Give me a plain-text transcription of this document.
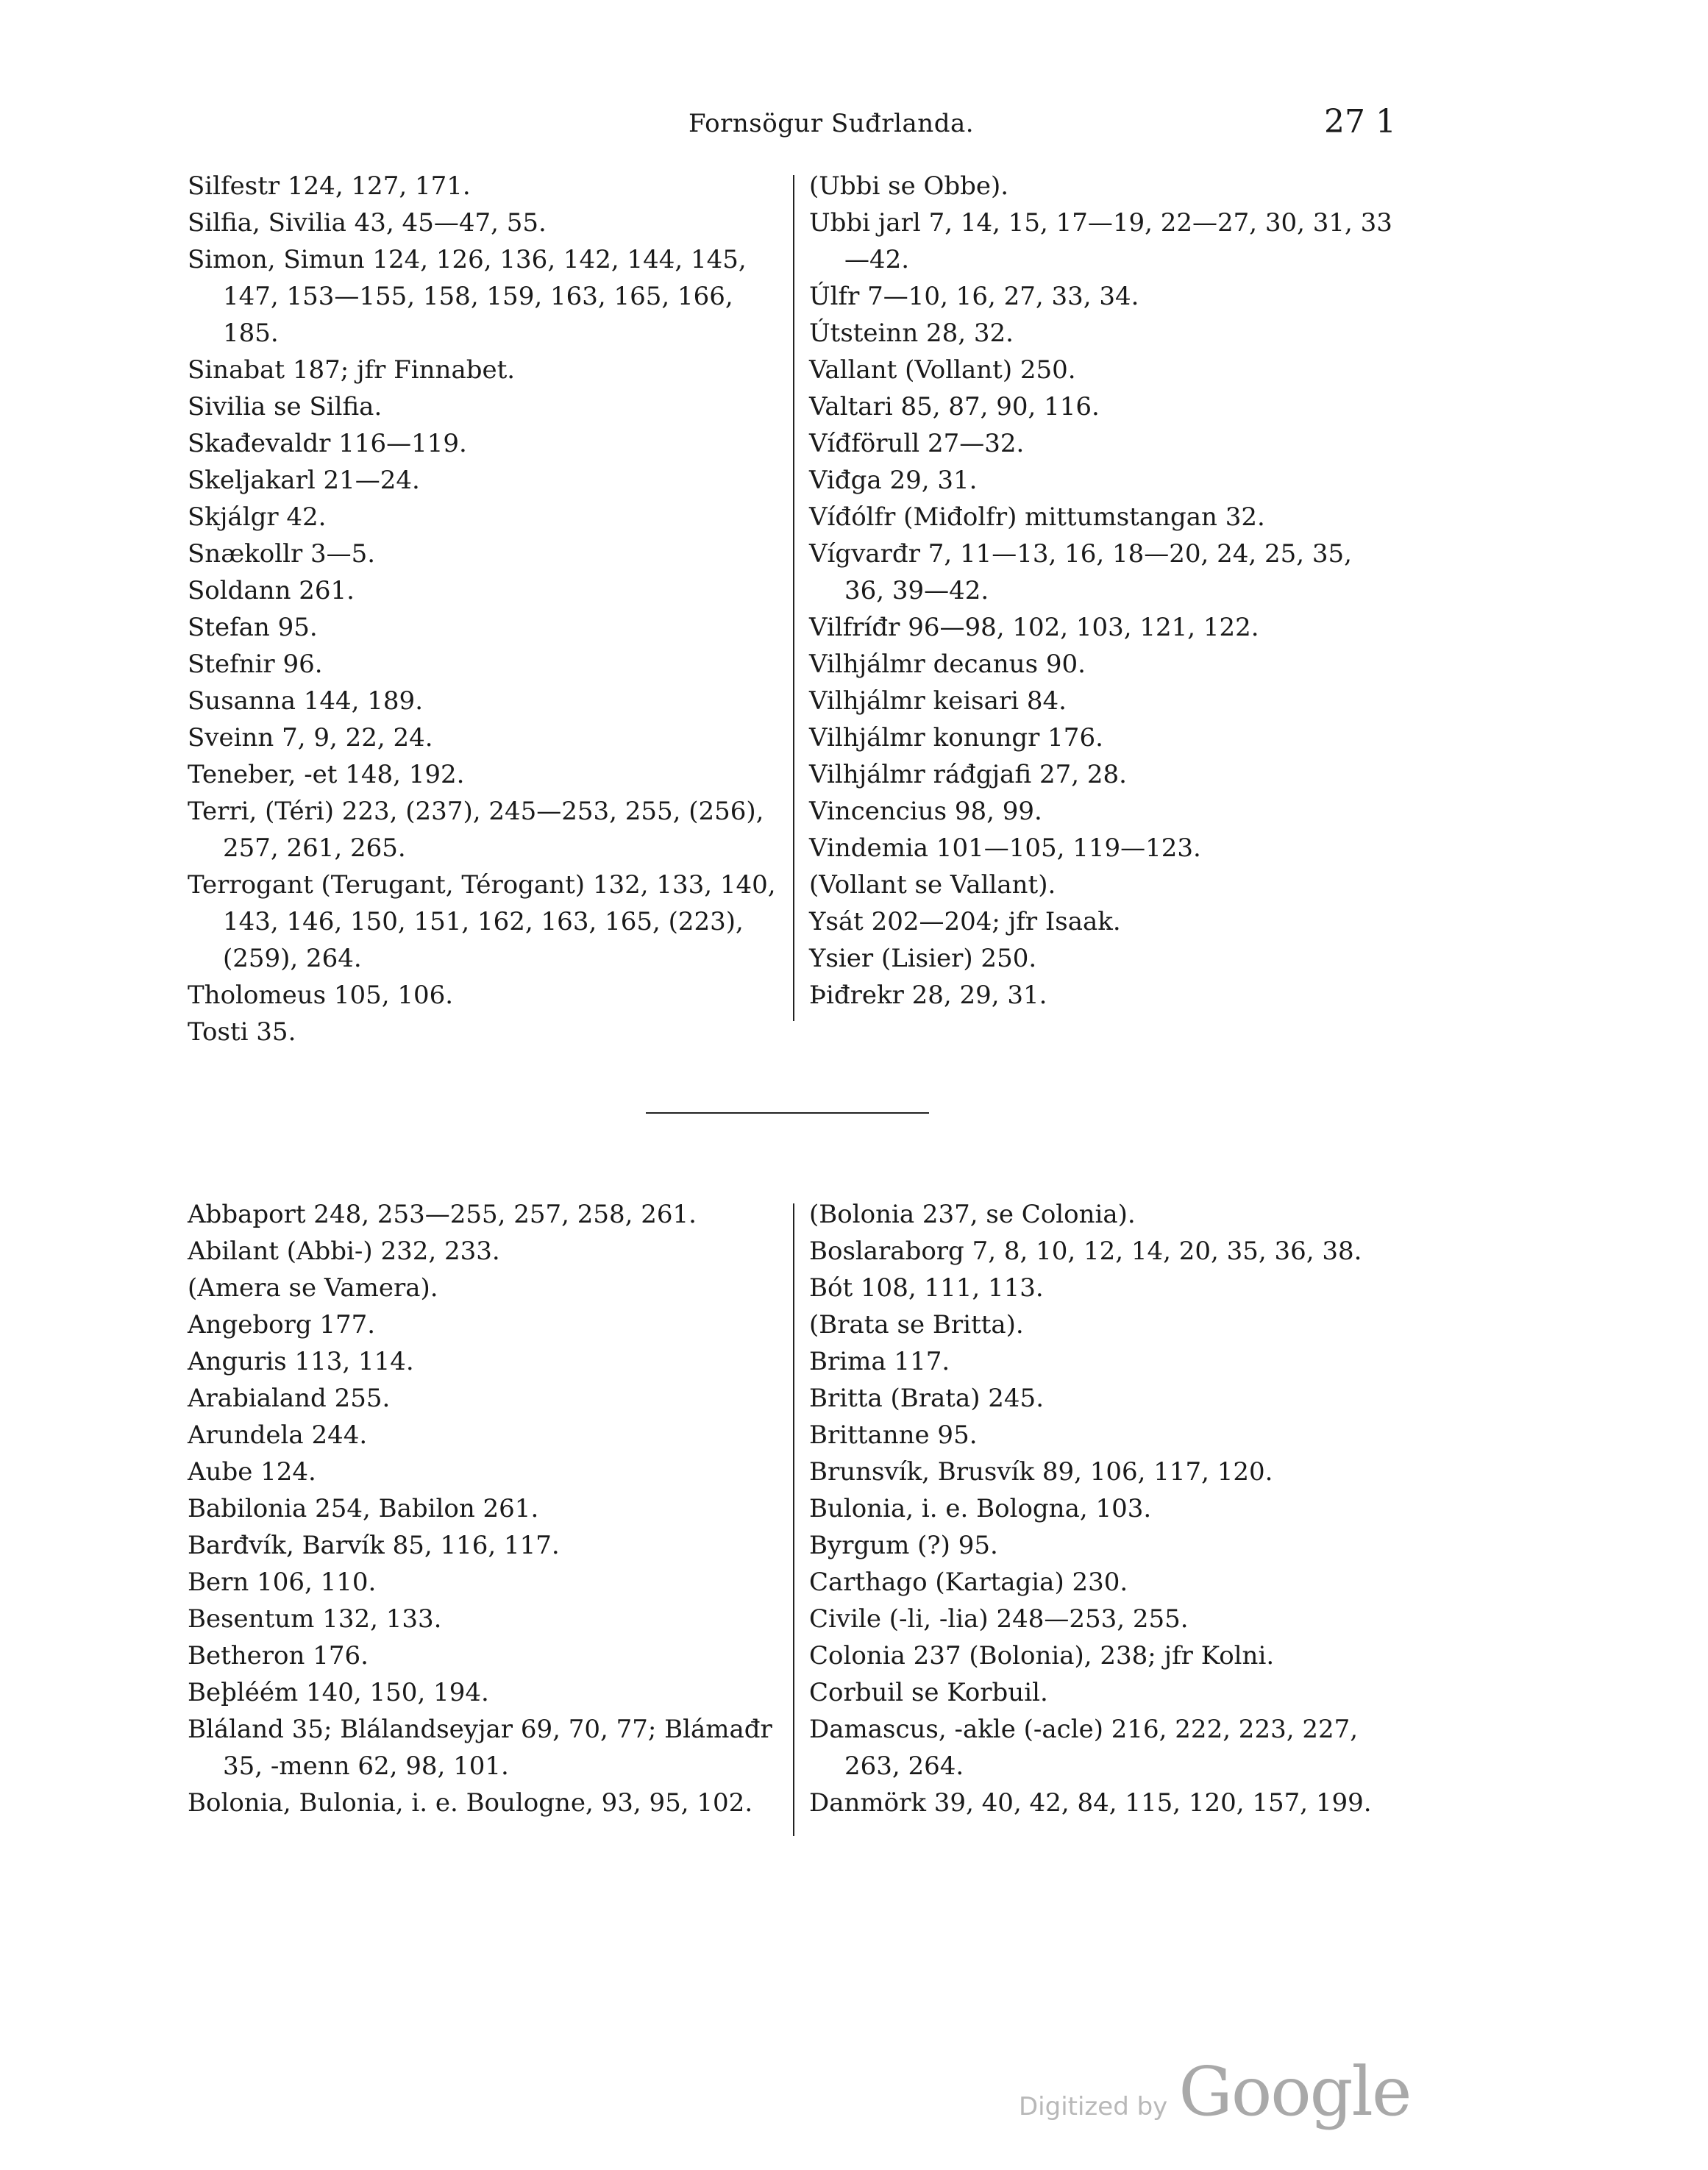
Fornsögur Suđrlanda.	27 1
Silfestr 124, 127, 171.
Silfia, Sivilia 43, 45—47, 55.
Simon, Simun 124, 126, 136, 142, 144, 145, 147, 153—155, 158, 159, 163, 165, 166, 185.
Sinabat 187; jfr Finnabet.
Sivilia se Silfia.
Skađevaldr 116—119.
Skeljakarl 21—24.
Skjálgr 42.
Snækollr 3—5.
Soldann 261.
Stefan 95.
Stefnir 96.
Susanna 144, 189.
Sveinn 7, 9, 22, 24.
Teneber, -et 148, 192.
Terri, (Téri) 223, (237), 245—253, 255, (256), 257, 261, 265.
Terrogant (Terugant, Térogant) 132, 133, 140, 143, 146, 150, 151, 162, 163, 165, (223), (259), 264.
Tholomeus 105, 106.
Tosti 35.
(Ubbi se Obbe).
Ubbi jarl 7, 14, 15, 17—19, 22—27, 30, 31, 33—42.
Úlfr 7—10, 16, 27, 33, 34.
Útsteinn 28, 32.
Vallant (Vollant) 250.
Valtari 85, 87, 90, 116.
Víđförull 27—32.
Viđga 29, 31.
Víđólfr (Miđolfr) mittumstangan 32.
Vígvarđr 7, 11—13, 16, 18—20, 24, 25, 35, 36, 39—42.
Vilfríđr 96—98, 102, 103, 121, 122.
Vilhjálmr decanus 90.
Vilhjálmr keisari 84.
Vilhjálmr konungr 176.
Vilhjálmr ráđgjafi 27, 28.
Vincencius 98, 99.
Vindemia 101—105, 119—123.
(Vollant se Vallant).
Ysát 202—204; jfr Isaak.
Ysier (Lisier) 250.
Þiđrekr 28, 29, 31.
Abbaport 248, 253—255, 257, 258, 261.
Abilant (Abbi-) 232, 233.
(Amera se Vamera).
Angeborg 177.
Anguris 113, 114.
Arabialand 255.
Arundela 244.
Aube 124.
Babilonia 254, Babilon 261.
Barđvík, Barvík 85, 116, 117.
Bern 106, 110.
Besentum 132, 133.
Betheron 176.
Beþléém 140, 150, 194.
Bláland 35; Blálandseyjar 69, 70, 77; Blámađr 35, -menn 62, 98, 101.
Bolonia, Bulonia, i. e. Boulogne, 93, 95, 102.
(Bolonia 237, se Colonia).
Boslaraborg 7, 8, 10, 12, 14, 20, 35, 36, 38.
Bót 108, 111, 113.
(Brata se Britta).
Brima 117.
Britta (Brata) 245.
Brittanne 95.
Brunsvík, Brusvík 89, 106, 117, 120.
Bulonia, i. e. Bologna, 103.
Byrgum (?) 95.
Carthago (Kartagia) 230.
Civile (-li, -lia) 248—253, 255.
Colonia 237 (Bolonia), 238; jfr Kolni.
Corbuil se Korbuil.
Damascus, -akle (-acle) 216, 222, 223, 227, 263, 264.
Danmörk 39, 40, 42, 84, 115, 120, 157, 199.
Digitized by Google
